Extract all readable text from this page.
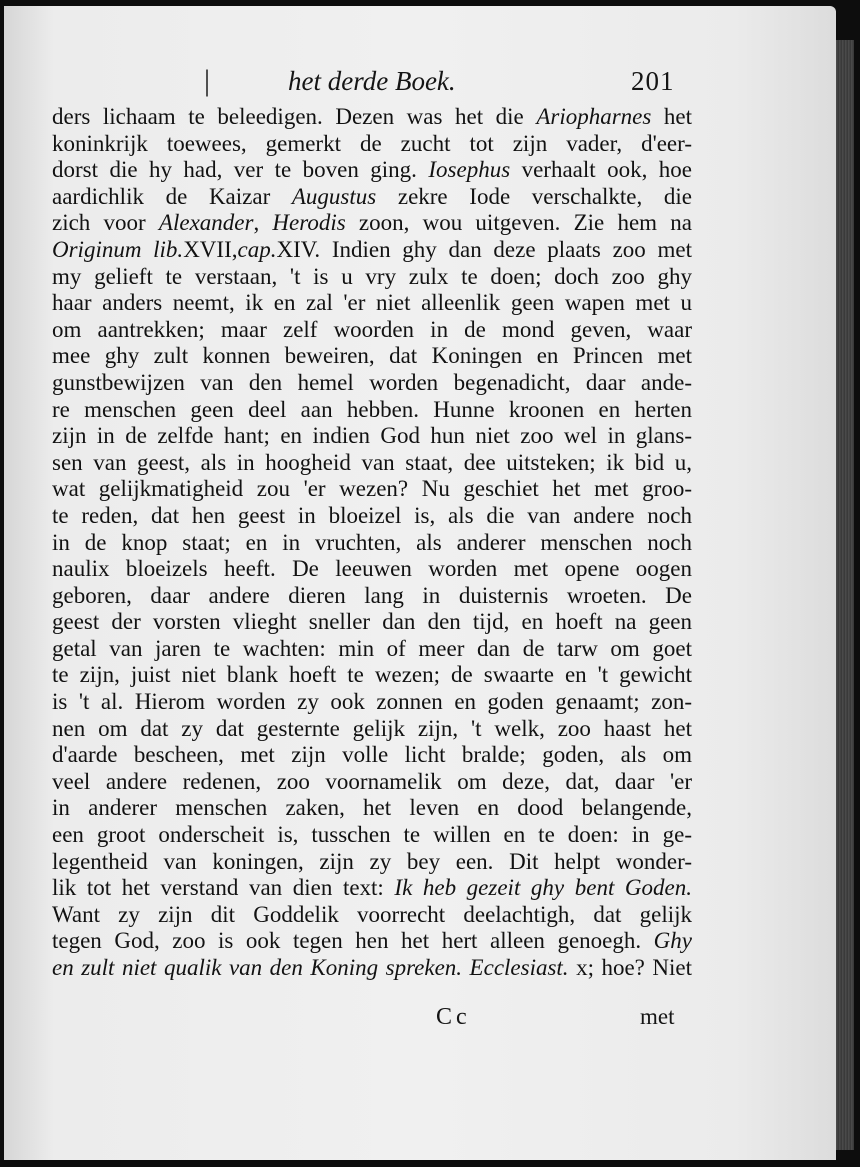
|	het derde Boek.	201
ders lichaam te beleedigen. Dezen was het die Ariopharnes het
koninkrijk toewees, gemerkt de zucht tot zijn vader, d'eer-
dorst die hy had, ver te boven ging. Iosephus verhaalt ook, hoe
aardichlik de Kaizar Augustus zekre Iode verschalkte, die
zich voor Alexander, Herodis zoon, wou uitgeven. Zie hem na
Originum lib.XVII,cap.XIV. Indien ghy dan deze plaats zoo met
my gelieft te verstaan, 't is u vry zulx te doen; doch zoo ghy
haar anders neemt, ik en zal 'er niet alleenlik geen wapen met u
om aantrekken; maar zelf woorden in de mond geven, waar
mee ghy zult konnen beweiren, dat Koningen en Princen met
gunstbewijzen van den hemel worden begenadicht, daar ande-
re menschen geen deel aan hebben. Hunne kroonen en herten
zijn in de zelfde hant; en indien God hun niet zoo wel in glans-
sen van geest, als in hoogheid van staat, dee uitsteken; ik bid u,
wat gelijkmatigheid zou 'er wezen? Nu geschiet het met groo-
te reden, dat hen geest in bloeizel is, als die van andere noch
in de knop staat; en in vruchten, als anderer menschen noch
naulix bloeizels heeft. De leeuwen worden met opene oogen
geboren, daar andere dieren lang in duisternis wroeten. De
geest der vorsten vlieght sneller dan den tijd, en hoeft na geen
getal van jaren te wachten: min of meer dan de tarw om goet
te zijn, juist niet blank hoeft te wezen; de swaarte en 't gewicht
is 't al. Hierom worden zy ook zonnen en goden genaamt; zon-
nen om dat zy dat gesternte gelijk zijn, 't welk, zoo haast het
d'aarde bescheen, met zijn volle licht bralde; goden, als om
veel andere redenen, zoo voornamelik om deze, dat, daar 'er
in anderer menschen zaken, het leven en dood belangende,
een groot onderscheit is, tusschen te willen en te doen: in ge-
legentheid van koningen, zijn zy bey een. Dit helpt wonder-
lik tot het verstand van dien text: Ik heb gezeit ghy bent Goden.
Want zy zijn dit Goddelik voorrecht deelachtigh, dat gelijk
tegen God, zoo is ook tegen hen het hert alleen genoegh. Ghy
en zult niet qualik van den Koning spreken. Ecclesiast. x; hoe? Niet
Cc	met
